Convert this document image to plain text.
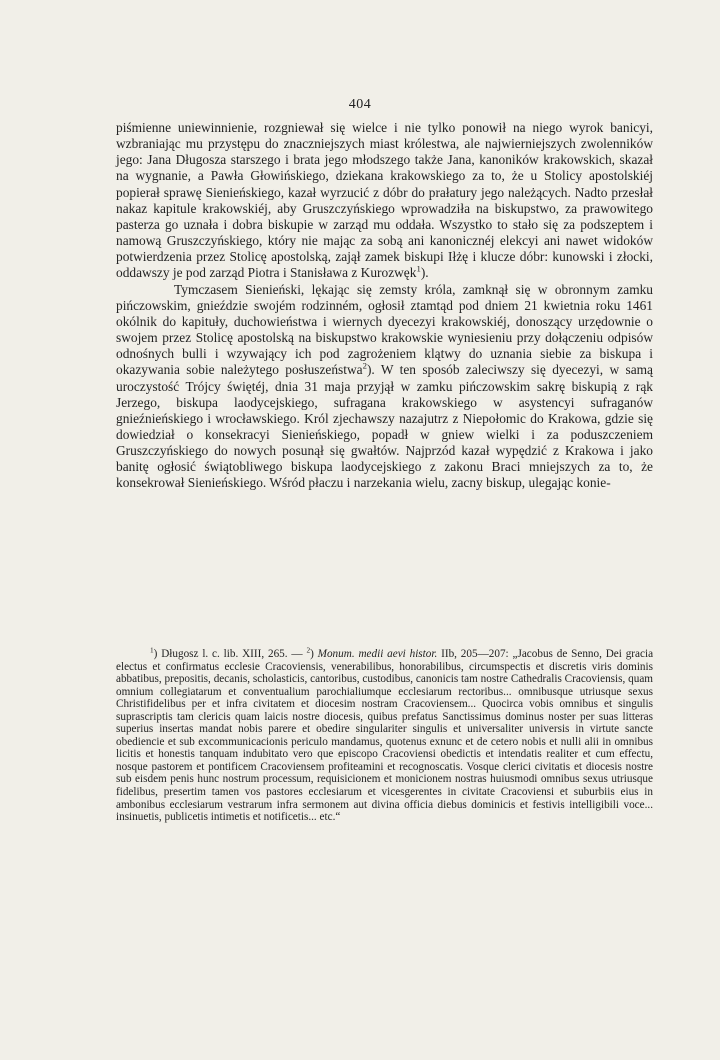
404

piśmienne uniewinnienie, rozgniewał się wielce i nie tylko ponowił na niego wyrok banicyi, wzbraniając mu przystępu do znaczniejszych miast królestwa, ale najwierniejszych zwolenników jego: Jana Długosza starszego i brata jego młodszego także Jana, kanoników krakowskich, skazał na wygnanie, a Pawła Głowińskiego, dziekana krakowskiego za to, że u Stolicy apostolskiéj popierał sprawę Sienieńskiego, kazał wyrzucić z dóbr do prałatury jego należących. Nadto przesłał nakaz kapitule krakowskiéj, aby Gruszczyńskiego wprowadziła na biskupstwo, za prawowitego pasterza go uznała i dobra biskupie w zarząd mu oddała. Wszystko to stało się za podszeptem i namową Gruszczyńskiego, który nie mając za sobą ani kanonicznéj elekcyi ani nawet widoków potwierdzenia przez Stolicę apostolską, zajął zamek biskupi Iłżę i klucze dóbr: kunowski i złocki, oddawszy je pod zarząd Piotra i Stanisława z Kurozwęk$^1$).

Tymczasem Sienieński, lękając się zemsty króla, zamknął się w obronnym zamku pińczowskim, gnieździe swojém rodzinném, ogłosił ztamtąd pod dniem 21 kwietnia roku 1461 okólnik do kapituły, duchowieństwa i wiernych dyecezyi krakowskiéj, donoszący urzędownie o swojem przez Stolicę apostolską na biskupstwo krakowskie wyniesieniu przy dołączeniu odpisów odnośnych bulli i wzywający ich pod zagrożeniem klątwy do uznania siebie za biskupa i okazywania sobie należytego posłuszeństwa$^2$). W ten sposób zaleciwszy się dyecezyi, w samą uroczystość Trójcy świętéj, dnia 31 maja przyjął w zamku pińczowskim sakrę biskupią z rąk Jerzego, biskupa laodycejskiego, sufragana krakowskiego w asystencyi sufraganów gnieźnieńskiego i wrocławskiego. Król zjechawszy nazajutrz z Niepołomic do Krakowa, gdzie się dowiedział o konsekracyi Sienieńskiego, popadł w gniew wielki i za poduszczeniem Gruszczyńskiego do nowych posunął się gwałtów. Najprzód kazał wypędzić z Krakowa i jako banitę ogłosić świątobliwego biskupa laodycejskiego z zakonu Braci mniejszych za to, że konsekrował Sienieńskiego. Wśród płaczu i narzekania wielu, zacny biskup, ulegając konie-

$^1$) Długosz l. c. lib. XIII, 265. — $^2$) Monum. medii aevi histor. IIb, 205—207: „Jacobus de Senno, Dei gracia electus et confirmatus ecclesie Cracoviensis, venerabilibus, honorabilibus, circumspectis et discretis viris dominis abbatibus, prepositis, decanis, scholasticis, cantoribus, custodibus, canonicis tam nostre Cathedralis Cracoviensis, quam omnium collegiatarum et conventualium parochialiumque ecclesiarum rectoribus... omnibusque utriusque sexus Christifidelibus per et infra civitatem et diocesim nostram Cracoviensem... Quocirca vobis omnibus et singulis suprascriptis tam clericis quam laicis nostre diocesis, quibus prefatus Sanctissimus dominus noster per suas litteras superius insertas mandat nobis parere et obedire singulariter singulis et universaliter universis in virtute sancte obediencie et sub excommunicacionis periculo mandamus, quotenus exnunc et de cetero nobis et nulli alii in omnibus licitis et honestis tanquam indubitato vero que episcopo Cracoviensi obedictis et intendatis realiter et cum effectu, nosque pastorem et pontificem Cracoviensem profiteamini et recognoscatis. Vosque clerici civitatis et diocesis nostre sub eisdem penis hunc nostrum processum, requisicionem et monicionem nostras huiusmodi omnibus sexus utriusque fidelibus, presertim tamen vos pastores ecclesiarum et vicesgerentes in civitate Cracoviensi et suburbiis eius in ambonibus ecclesiarum vestrarum infra sermonem aut divina officia diebus dominicis et festivis intelligibili voce... insinuetis, publicetis intimetis et notificetis... etc.“
